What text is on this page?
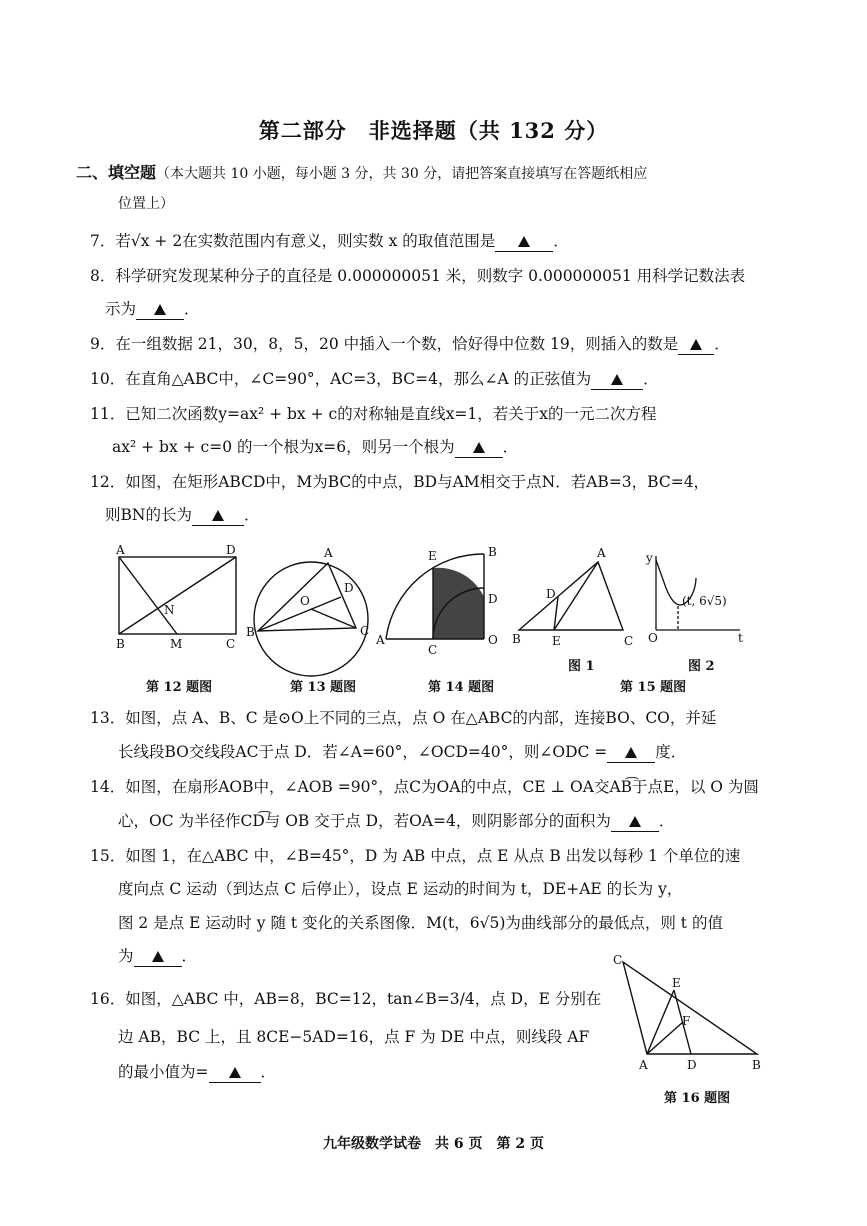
第二部分　非选择题（共 132 分）
二、填空题（本大题共 10 小题，每小题 3 分，共 30 分，请把答案直接填写在答题纸相应
位置上）
7．若√x + 2在实数范围内有意义，则实数 x 的取值范围是	．
8．科学研究发现某种分子的直径是 0.000000051 米，则数字 0.000000051 用科学记数法表
示为	．
9．在一组数据 21，30，8，5，20 中插入一个数，恰好得中位数 19，则插入的数是 ．
10．在直角△ABC中，∠C=90°，AC=3，BC=4，那么∠A 的正弦值为	．
11．已知二次函数y=ax² + bx + c的对称轴是直线x=1，若关于x的一元二次方程
ax² + bx + c=0 的一个根为x=6，则另一个根为	．
12．如图，在矩形ABCD中，M为BC的中点，BD与AM相交于点N．若AB=3，BC=4，
则BN的长为	．
A
B	C
D
M
N
A
B	C
D
O
A
B
C
D
E
O
A
B	C
D
E
y
O	t
(t, 6√5)
第 12 题图	第 13 题图	第 14 题图
图 1	图 2
第 15 题图
13．如图，点 A、B、C 是⊙O上不同的三点，点 O 在△ABC的内部，连接BO、CO，并延
长线段BO交线段AC于点 D．若∠A=60°，∠OCD=40°，则∠ODC =	度．
14．如图，在扇形AOB中，∠AOB =90°，点C为OA的中点，CE ⊥ OA交AB͡于点E，以 O 为圆
心，OC 为半径作CD͡与 OB 交于点 D，若OA=4，则阴影部分的面积为	．
15．如图 1，在△ABC 中，∠B=45°，D 为 AB 中点，点 E 从点 B 出发以每秒 1 个单位的速
度向点 C 运动（到达点 C 后停止），设点 E 运动的时间为 t，DE+AE 的长为 y，
图 2 是点 E 运动时 y 随 t 变化的关系图像．M(t，6√5)为曲线部分的最低点，则 t 的值
为	．
16．如图，△ABC 中，AB=8，BC=12，tan∠B=3/4，点 D，E 分别在
边 AB，BC 上，且 8CE−5AD=16，点 F 为 DE 中点，则线段 AF
的最小值为=	．
C
A	B
D
E
F
第 16 题图
九年级数学试卷　共 6 页　第 2 页
